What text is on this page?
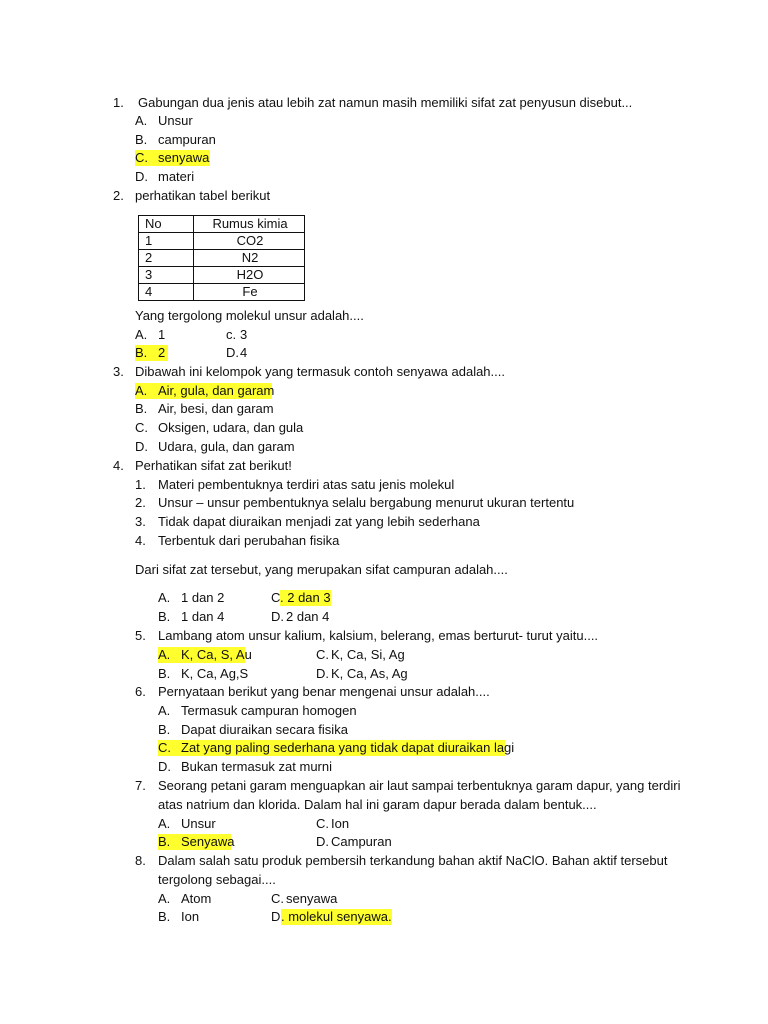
1. Gabungan dua jenis atau lebih zat namun masih memiliki sifat zat penyusun disebut...
A. Unsur
B. campuran
C. senyawa
D. materi
2. perhatikan tabel berikut
No	Rumus kimia
1	CO2
2	N2
3	H2O
4	Fe
Yang tergolong molekul unsur adalah....
A. 1	c. 3
B. 2	D. 4
3. Dibawah ini kelompok yang termasuk contoh senyawa adalah....
A. Air, gula, dan garam
B. Air, besi, dan garam
C. Oksigen, udara, dan gula
D. Udara, gula, dan garam
4. Perhatikan sifat zat berikut!
1. Materi pembentuknya terdiri atas satu jenis molekul
2. Unsur – unsur pembentuknya selalu bergabung menurut ukuran tertentu
3. Tidak dapat diuraikan menjadi zat yang lebih sederhana
4. Terbentuk dari perubahan fisika
Dari sifat zat tersebut, yang merupakan sifat campuran adalah....
A. 1 dan 2	C . 2 dan 3
B. 1 dan 4	D. 2 dan 4
5. Lambang atom unsur kalium, kalsium, belerang, emas berturut- turut yaitu....
A. K, Ca, S, Au	C. K, Ca, Si, Ag
B. K, Ca, Ag,S	D. K, Ca, As, Ag
6. Pernyataan berikut yang benar mengenai unsur adalah....
A. Termasuk campuran homogen
B. Dapat diuraikan secara fisika
C. Zat yang paling sederhana yang tidak dapat diuraikan lagi
D. Bukan termasuk zat murni
7. Seorang petani garam menguapkan air laut sampai terbentuknya garam dapur, yang terdiri
atas natrium dan klorida. Dalam hal ini garam dapur berada dalam bentuk....
A. Unsur	C. Ion
B. Senyawa	D. Campuran
8. Dalam salah satu produk pembersih terkandung bahan aktif NaClO. Bahan aktif tersebut
tergolong sebagai....
A. Atom	C. senyawa
B. Ion	D . molekul senyawa.
